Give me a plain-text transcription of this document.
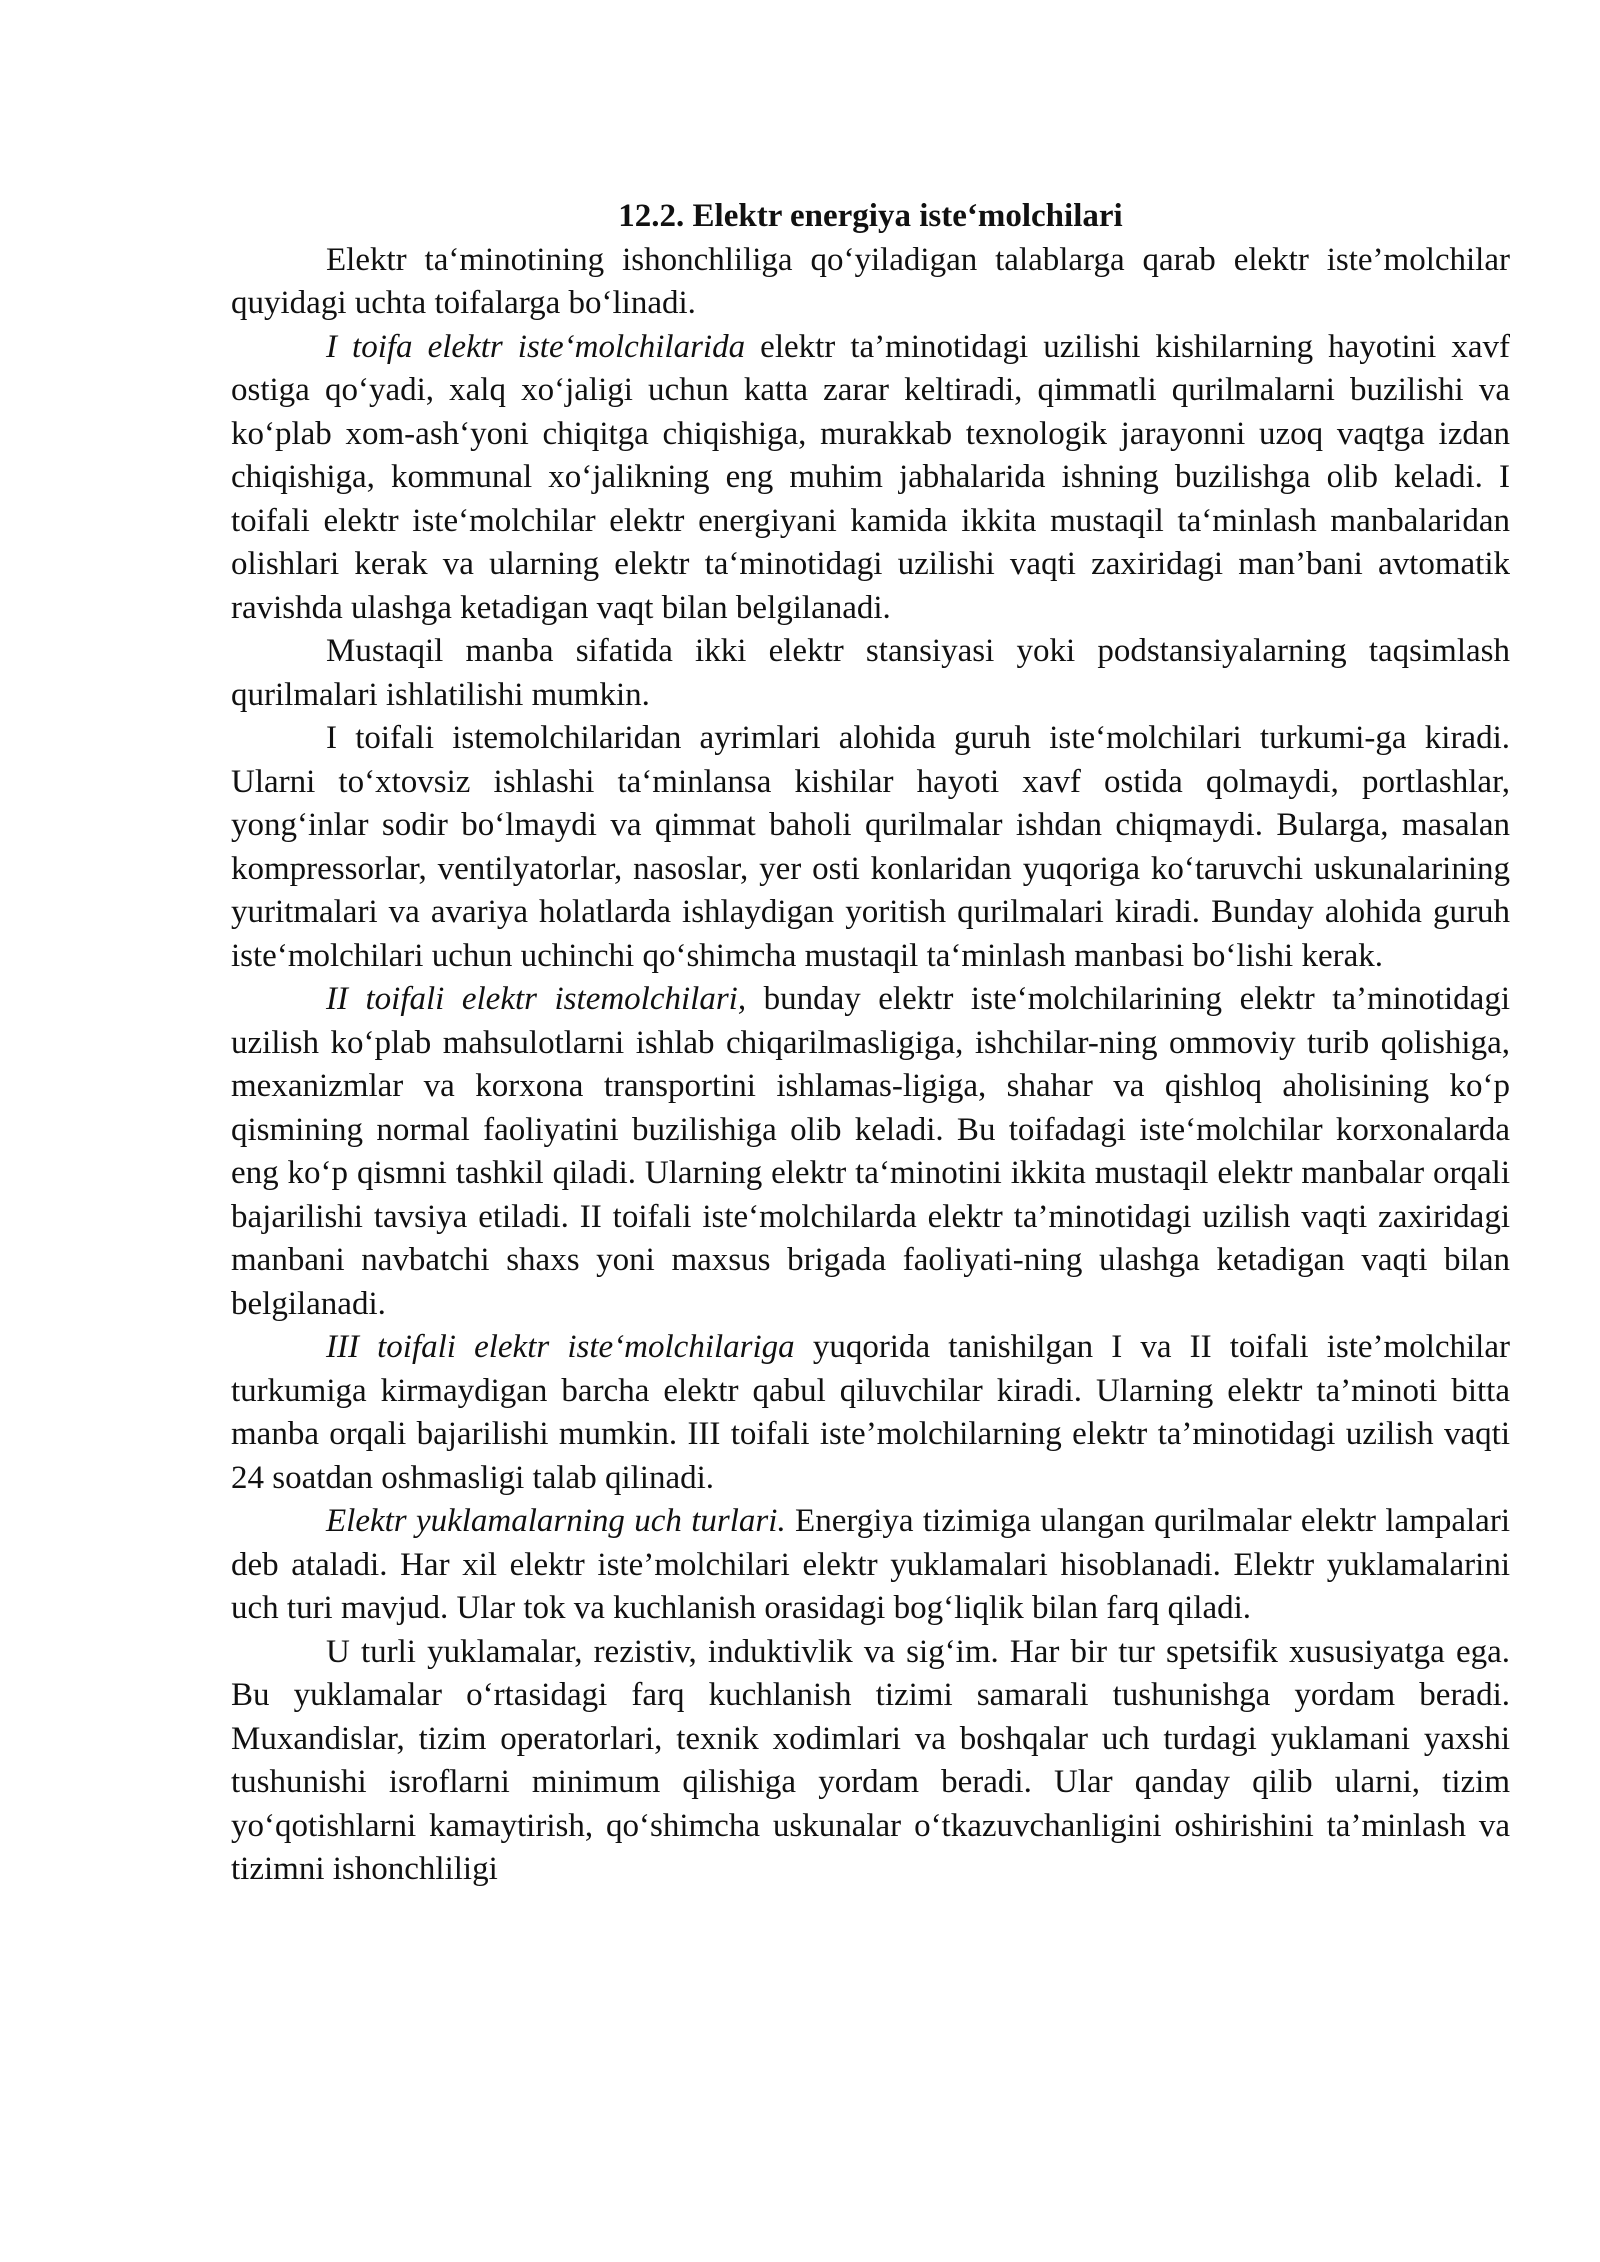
12.2. Elektr energiya iste‘molchilari

Elektr ta‘minotining ishonchliliga qo‘yiladigan talablarga qarab elektr iste’molchilar quyidagi uchta toifalarga bo‘linadi.

I toifa elektr iste‘molchilarida elektr ta’minotidagi uzilishi kishilarning hayotini xavf ostiga qo‘yadi, xalq xo‘jaligi uchun katta zarar keltiradi, qimmatli qurilmalarni buzilishi va ko‘plab xom-ash‘yoni chiqitga chiqishiga, murakkab texnologik jarayonni uzoq vaqtga izdan chiqishiga, kommunal xo‘jalikning eng muhim jabhalarida ishning buzilishga olib keladi. I toifali elektr iste‘molchilar elektr energiyani kamida ikkita mustaqil ta‘minlash manbalaridan olishlari kerak va ularning elektr ta‘minotidagi uzilishi vaqti zaxiridagi man’bani avtomatik ravishda ulashga ketadigan vaqt bilan belgilanadi.

Mustaqil manba sifatida ikki elektr stansiyasi yoki podstansiyalarning taqsimlash qurilmalari ishlatilishi mumkin.

I toifali istemolchilaridan ayrimlari alohida guruh iste‘molchilari turkumi-ga kiradi. Ularni to‘xtovsiz ishlashi ta‘minlansa kishilar hayoti xavf ostida qolmaydi, portlashlar, yong‘inlar sodir bo‘lmaydi va qimmat baholi qurilmalar ishdan chiqmaydi. Bularga, masalan kompressorlar, ventilyatorlar, nasoslar, yer osti konlaridan yuqoriga ko‘taruvchi uskunalarining yuritmalari va avariya holatlarda ishlaydigan yoritish qurilmalari kiradi. Bunday alohida guruh iste‘molchilari uchun uchinchi qo‘shimcha mustaqil ta‘minlash manbasi bo‘lishi kerak.

II toifali elektr istemolchilari, bunday elektr iste‘molchilarining elektr ta’minotidagi uzilish ko‘plab mahsulotlarni ishlab chiqarilmasligiga, ishchilar-ning ommoviy turib qolishiga, mexanizmlar va korxona transportini ishlamas-ligiga, shahar va qishloq aholisining ko‘p qismining normal faoliyatini buzilishiga olib keladi. Bu toifadagi iste‘molchilar korxonalarda eng ko‘p qismni tashkil qiladi. Ularning elektr ta‘minotini ikkita mustaqil elektr manbalar orqali bajarilishi tavsiya etiladi. II toifali iste‘molchilarda elektr ta’minotidagi uzilish vaqti zaxiridagi manbani navbatchi shaxs yoni maxsus brigada faoliyati-ning ulashga ketadigan vaqti bilan belgilanadi.

III toifali elektr iste‘molchilariga yuqorida tanishilgan I va II toifali iste’molchilar turkumiga kirmaydigan barcha elektr qabul qiluvchilar kiradi. Ularning elektr ta’minoti bitta manba orqali bajarilishi mumkin. III toifali iste’molchilarning elektr ta’minotidagi uzilish vaqti 24 soatdan oshmasligi talab qilinadi.

Elektr yuklamalarning uch turlari. Energiya tizimiga ulangan qurilmalar elektr lampalari deb ataladi. Har xil elektr iste’molchilari elektr yuklamalari hisoblanadi. Elektr yuklamalarini uch turi mavjud. Ular tok va kuchlanish orasidagi bog‘liqlik bilan farq qiladi.

U turli yuklamalar, rezistiv, induktivlik va sig‘im. Har bir tur spetsifik xususiyatga ega. Bu yuklamalar o‘rtasidagi farq kuchlanish tizimi samarali tushunishga yordam beradi. Muxandislar, tizim operatorlari, texnik xodimlari va boshqalar uch turdagi yuklamani yaxshi tushunishi isroflarni minimum qilishiga yordam beradi. Ular qanday qilib ularni, tizim yo‘qotishlarni kamaytirish, qo‘shimcha uskunalar o‘tkazuvchanligini oshirishini ta’minlash va tizimni ishonchliligi
